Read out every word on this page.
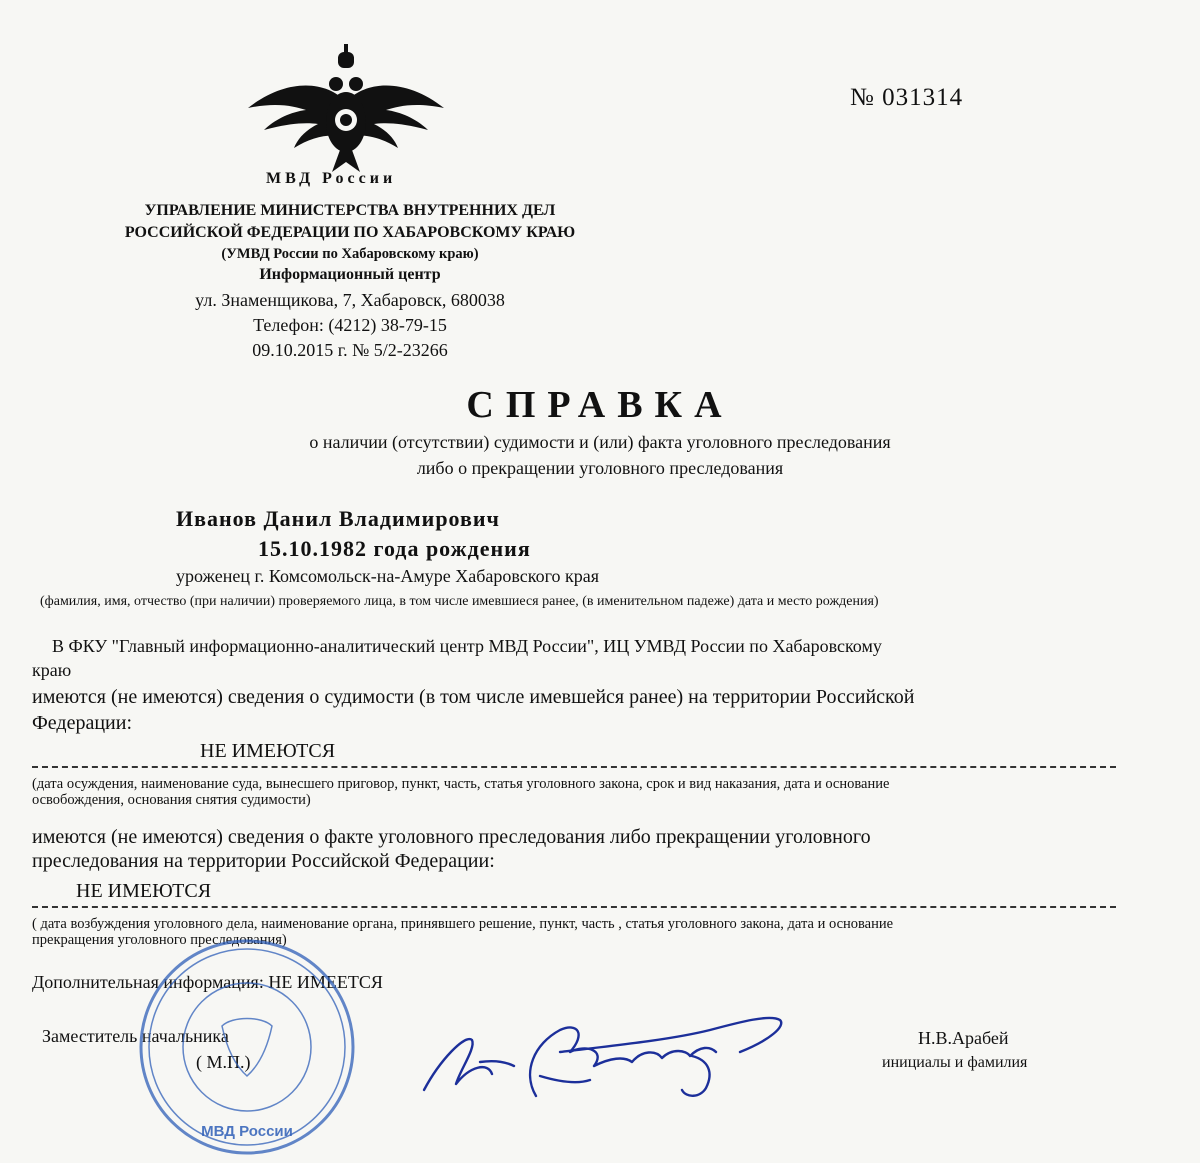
№ 031314
МВД России
УПРАВЛЕНИЕ МИНИСТЕРСТВА ВНУТРЕННИХ ДЕЛ
РОССИЙСКОЙ ФЕДЕРАЦИИ ПО ХАБАРОВСКОМУ КРАЮ
(УМВД России по Хабаровскому краю)
Информационный центр
ул. Знаменщикова, 7, Хабаровск, 680038
Телефон: (4212) 38-79-15
09.10.2015 г. № 5/2-23266
СПРАВКА
о наличии (отсутствии) судимости и (или) факта уголовного преследования
либо о прекращении уголовного преследования
Иванов Данил Владимирович
15.10.1982 года рождения
уроженец г. Комсомольск-на-Амуре Хабаровского края
(фамилия, имя, отчество (при наличии) проверяемого лица, в том числе имевшиеся ранее, (в именительном падеже) дата и место рождения)
В ФКУ "Главный информационно-аналитический центр МВД России", ИЦ УМВД России по Хабаровскому
краю
имеются (не имеются) сведения о судимости (в том числе имевшейся ранее) на территории Российской
Федерации:
НЕ ИМЕЮТСЯ
(дата осуждения, наименование суда, вынесшего приговор, пункт, часть, статья уголовного закона, срок и вид наказания, дата и основание
освобождения, основания снятия судимости)
имеются (не имеются) сведения о факте уголовного преследования либо прекращении уголовного
преследования на территории Российской Федерации:
НЕ ИМЕЮТСЯ
( дата возбуждения уголовного дела, наименование органа, принявшего решение, пункт, часть , статья уголовного закона, дата и основание
прекращения уголовного преследования)
Дополнительная информация: НЕ ИМЕЕТСЯ
Заместитель начальника
( М.П.)
Н.В.Арабей
инициалы и фамилия
МВД России
